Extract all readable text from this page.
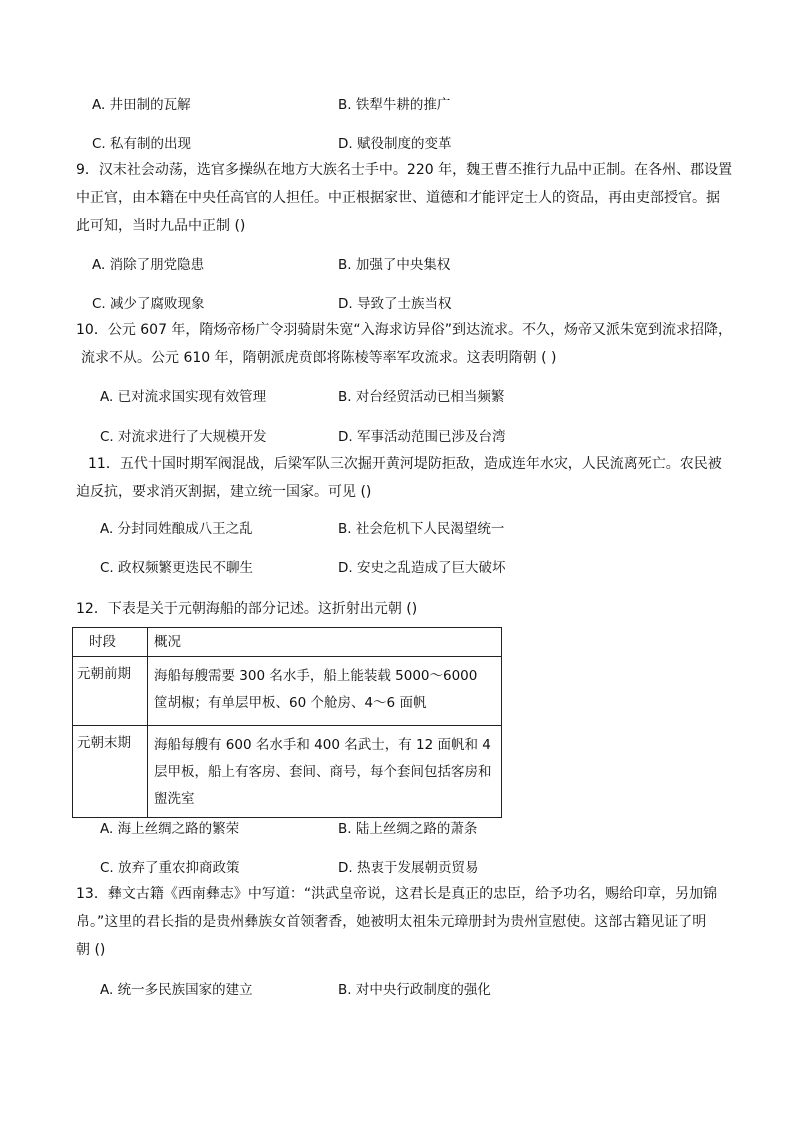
A. 井田制的瓦解	B. 铁犁牛耕的推广
C. 私有制的出现	D. 赋役制度的变革
9．汉末社会动荡，选官多操纵在地方大族名士手中。220 年，魏王曹丕推行九品中正制。在各州、郡设置
中正官，由本籍在中央任高官的人担任。中正根据家世、道德和才能评定士人的资品，再由吏部授官。据
此可知，当时九品中正制 ()
A. 消除了朋党隐患	B. 加强了中央集权
C. 减少了腐败现象	D. 导致了士族当权
10．公元 607 年，隋炀帝杨广令羽骑尉朱宽“入海求访异俗”到达流求。不久，炀帝又派朱宽到流求招降，
流求不从。公元 610 年，隋朝派虎贲郎将陈棱等率军攻流求。这表明隋朝 ( )
A. 已对流求国实现有效管理	B. 对台经贸活动已相当频繁
C. 对流求进行了大规模开发	D. 军事活动范围已涉及台湾
11．五代十国时期军阀混战，后梁军队三次掘开黄河堤防拒敌，造成连年水灾，人民流离死亡。农民被
迫反抗，要求消灭割据，建立统一国家。可见 ()
A. 分封同姓酿成八王之乱	B. 社会危机下人民渴望统一
C. 政权频繁更迭民不聊生	D. 安史之乱造成了巨大破坏
12．下表是关于元朝海船的部分记述。这折射出元朝 ()
时段	概况
元朝前期	海船每艘需要 300 名水手，船上能装载 5000～6000 筐胡椒；有单层甲板、60 个舱房、4～6 面帆
元朝末期	海船每艘有 600 名水手和 400 名武士，有 12 面帆和 4 层甲板，船上有客房、套间、商号，每个套间包括客房和盥洗室
A. 海上丝绸之路的繁荣	B. 陆上丝绸之路的萧条
C. 放弃了重农抑商政策	D. 热衷于发展朝贡贸易
13．彝文古籍《西南彝志》中写道：“洪武皇帝说，这君长是真正的忠臣，给予功名，赐给印章，另加锦
帛。”这里的君长指的是贵州彝族女首领奢香，她被明太祖朱元璋册封为贵州宣慰使。这部古籍见证了明
朝 ()
A. 统一多民族国家的建立	B. 对中央行政制度的强化
